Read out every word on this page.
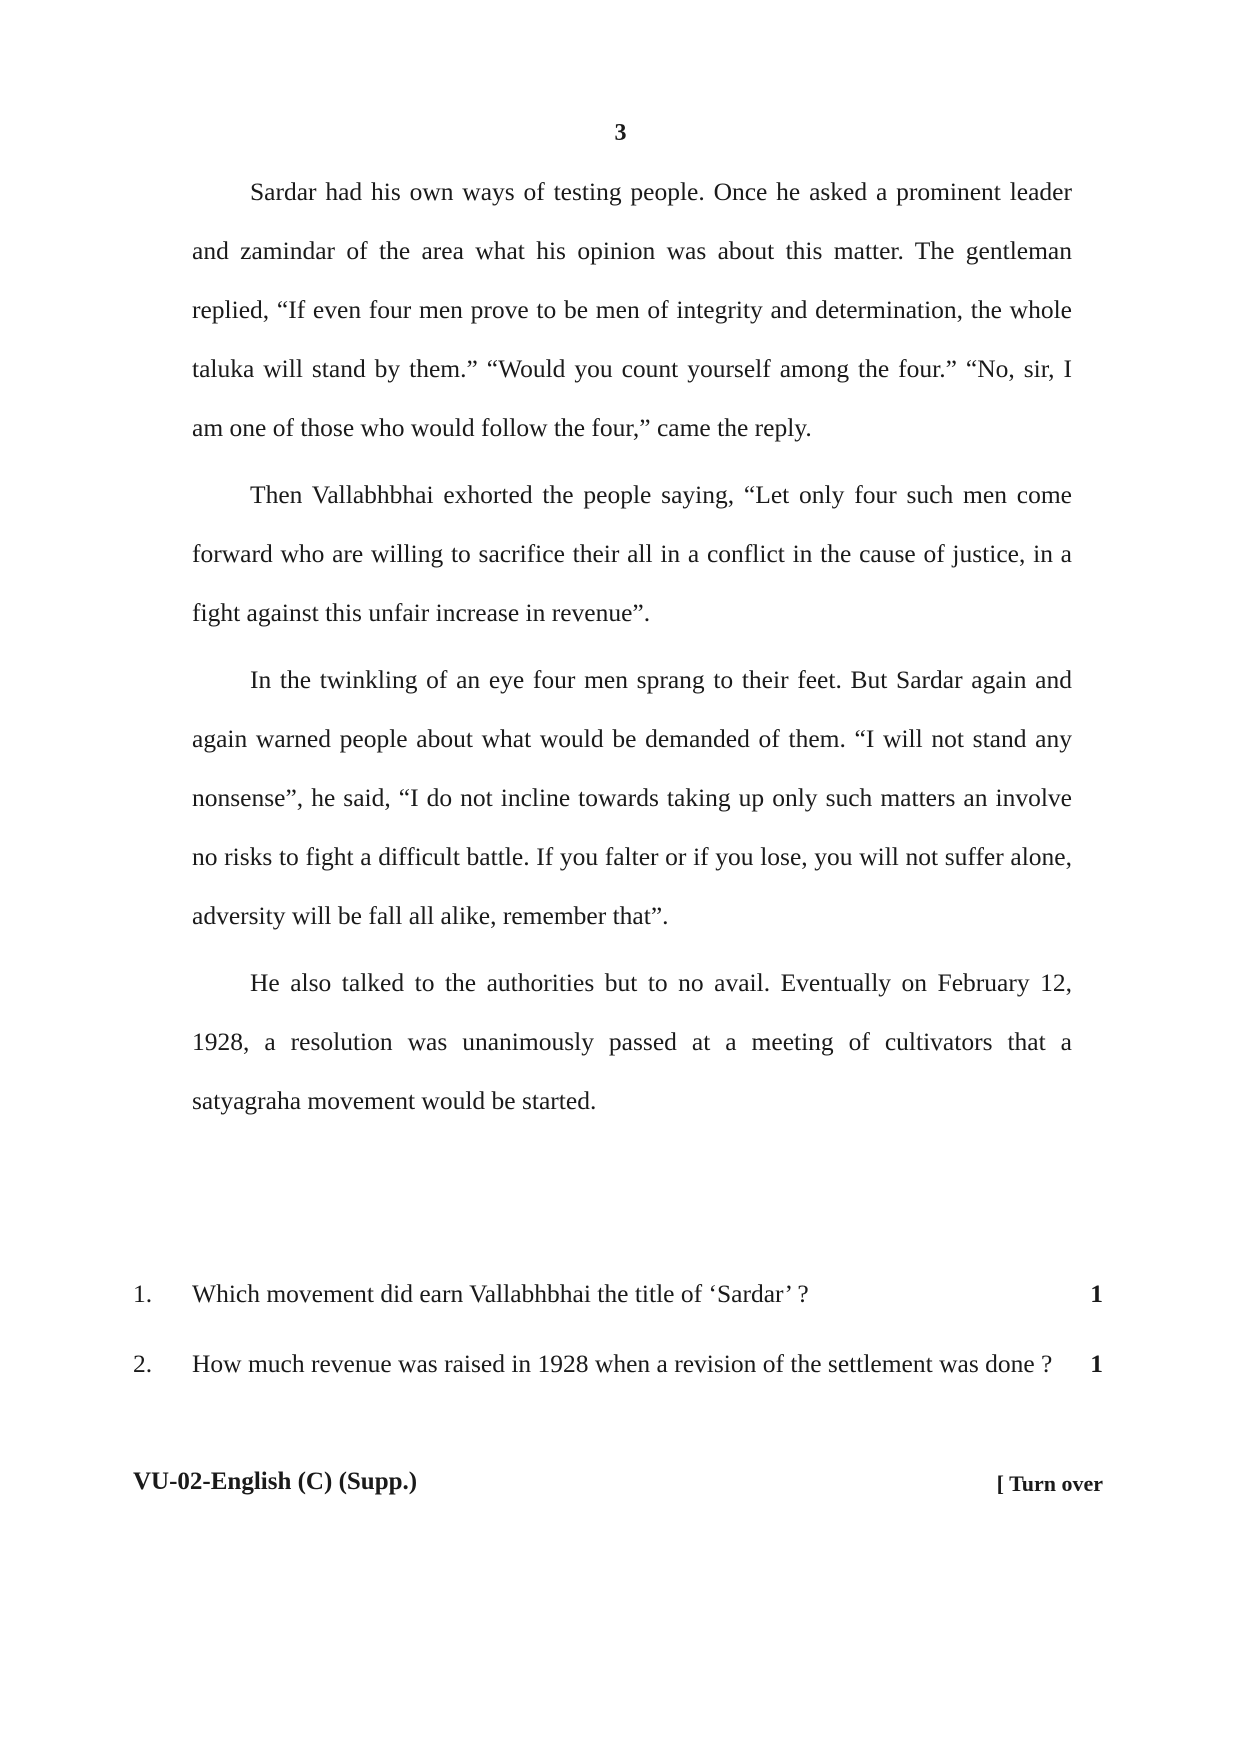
3

Sardar had his own ways of testing people. Once he asked a prominent leader and zamindar of the area what his opinion was about this matter. The gentleman replied, “If even four men prove to be men of integrity and determination, the whole taluka will stand by them.” “Would you count yourself among the four.” “No, sir, I am one of those who would follow the four,” came the reply.

Then Vallabhbhai exhorted the people saying, “Let only four such men come forward who are willing to sacrifice their all in a conflict in the cause of justice, in a fight against this unfair increase in revenue”.

In the twinkling of an eye four men sprang to their feet. But Sardar again and again warned people about what would be demanded of them. “I will not stand any nonsense”, he said, “I do not incline towards taking up only such matters an involve no risks to fight a difficult battle. If you falter or if you lose, you will not suffer alone, adversity will be fall all alike, remember that”.

He also talked to the authorities but to no avail. Eventually on February 12, 1928, a resolution was unanimously passed at a meeting of cultivators that a satyagraha movement would be started.

1. Which movement did earn Vallabhbhai the title of ‘Sardar’ ?	1
2. How much revenue was raised in 1928 when a revision of the settlement was done ?	1
VU-02-English (C) (Supp.)	[ Turn over
